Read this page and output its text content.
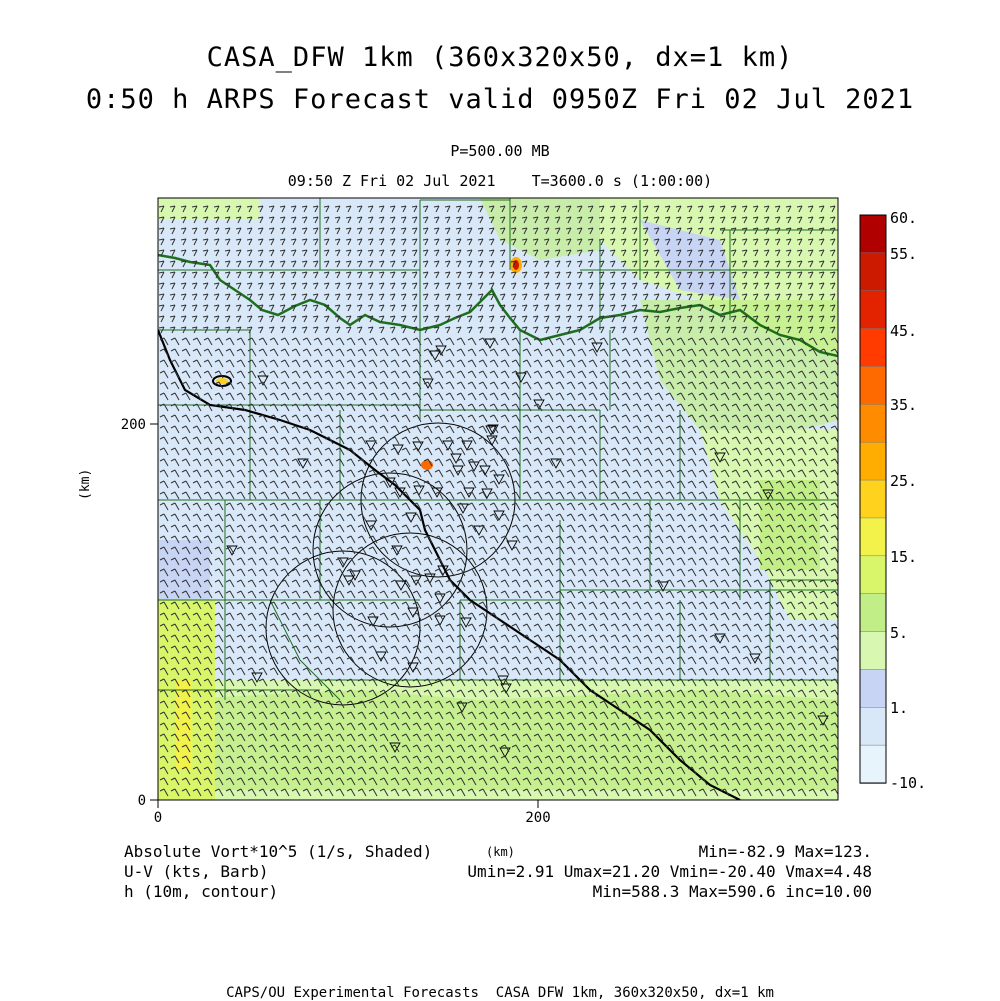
CASA_DFW 1km (360x320x50, dx=1 km)
0:50 h ARPS Forecast valid 0950Z Fri 02 Jul 2021
P=500.00 MB
09:50 Z Fri 02 Jul 2021    T=3600.0 s (1:00:00)
0
200
0	200
60.
55.
45.
35.
25.
15.
5.
1.
-10.
(km)
(km)
Absolute Vort*10^5 (1/s, Shaded)
U-V (kts, Barb)
h (10m, contour)
Min=-82.9 Max=123.
Umin=2.91 Umax=21.20 Vmin=-20.40 Vmax=4.48
Min=588.3 Max=590.6 inc=10.00
CAPS/OU Experimental Forecasts  CASA DFW 1km, 360x320x50, dx=1 km
